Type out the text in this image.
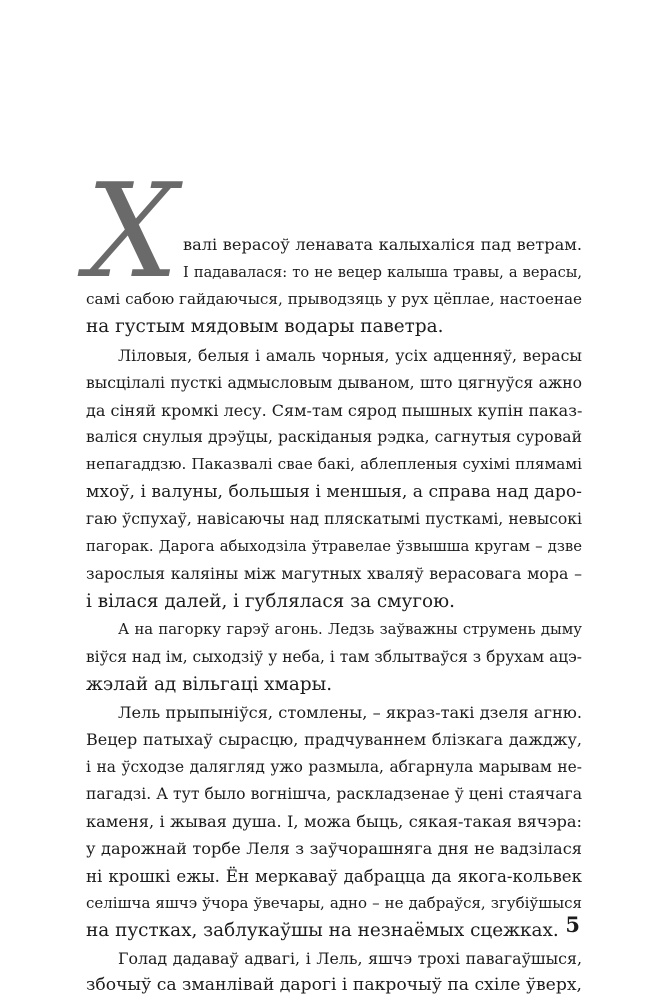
Х валі верасоў ленавата калыхаліся пад ветрам.
І падавалася: то не вецер калыша травы, а верасы,
самі сабою гайдаючыся, прыводзяць у рух цёплае, настоенае
на густым мядовым водары паветра.
Ліловыя, белыя і амаль чорныя, усіх адценняў, верасы
высцілалі пусткі адмысловым дываном, што цягнуўся ажно
да сіняй кромкі лесу. Сям-там сярод пышных купін паказ-
валіся снулыя дрэўцы, раскіданыя рэдка, сагнутыя суровай
непагаддзю. Паказвалі свае бакі, аблепленыя сухімі плямамі
мхоў, і валуны, большыя і меншыя, а справа над даро-
гаю ўспухаў, навісаючы над пляскатымі пусткамі, невысокі
пагорак. Дарога абыходзіла ўтравелае ўзвышша кругам – дзве
зарослыя каляіны між магутных хваляў верасовага мора –
і вілася далей, і гублялася за смугою.
А на пагорку гарэў агонь. Ледзь заўважны струмень дыму
віўся над ім, сыходзіў у неба, і там зблытваўся з брухам ацэ-
жэлай ад вільгаці хмары.
Лель прыпыніўся, стомлены, – якраз-такі дзеля агню.
Вецер патыхаў сырасцю, прадчуваннем блізкага дажджу,
і на ўсходзе далягляд ужо размыла, абгарнула марывам не-
пагадзі. А тут было вогнішча, раскладзенае ў цені стаячага
каменя, і жывая душа. І, можа быць, сякая-такая вячэра:
у дарожнай торбе Леля з заўчорашняга дня не вадзілася
ні крошкі ежы. Ён меркаваў дабрацца да якога-кольвек
селішча яшчэ ўчора ўвечары, адно – не дабраўся, згубіўшыся
на пустках, заблукаўшы на незнаёмых сцежках.
Голад дадаваў адвагі, і Лель, яшчэ трохі павагаўшыся,
збочыў са зманлівай дарогі і пакрочыў па схіле ўверх,
5
